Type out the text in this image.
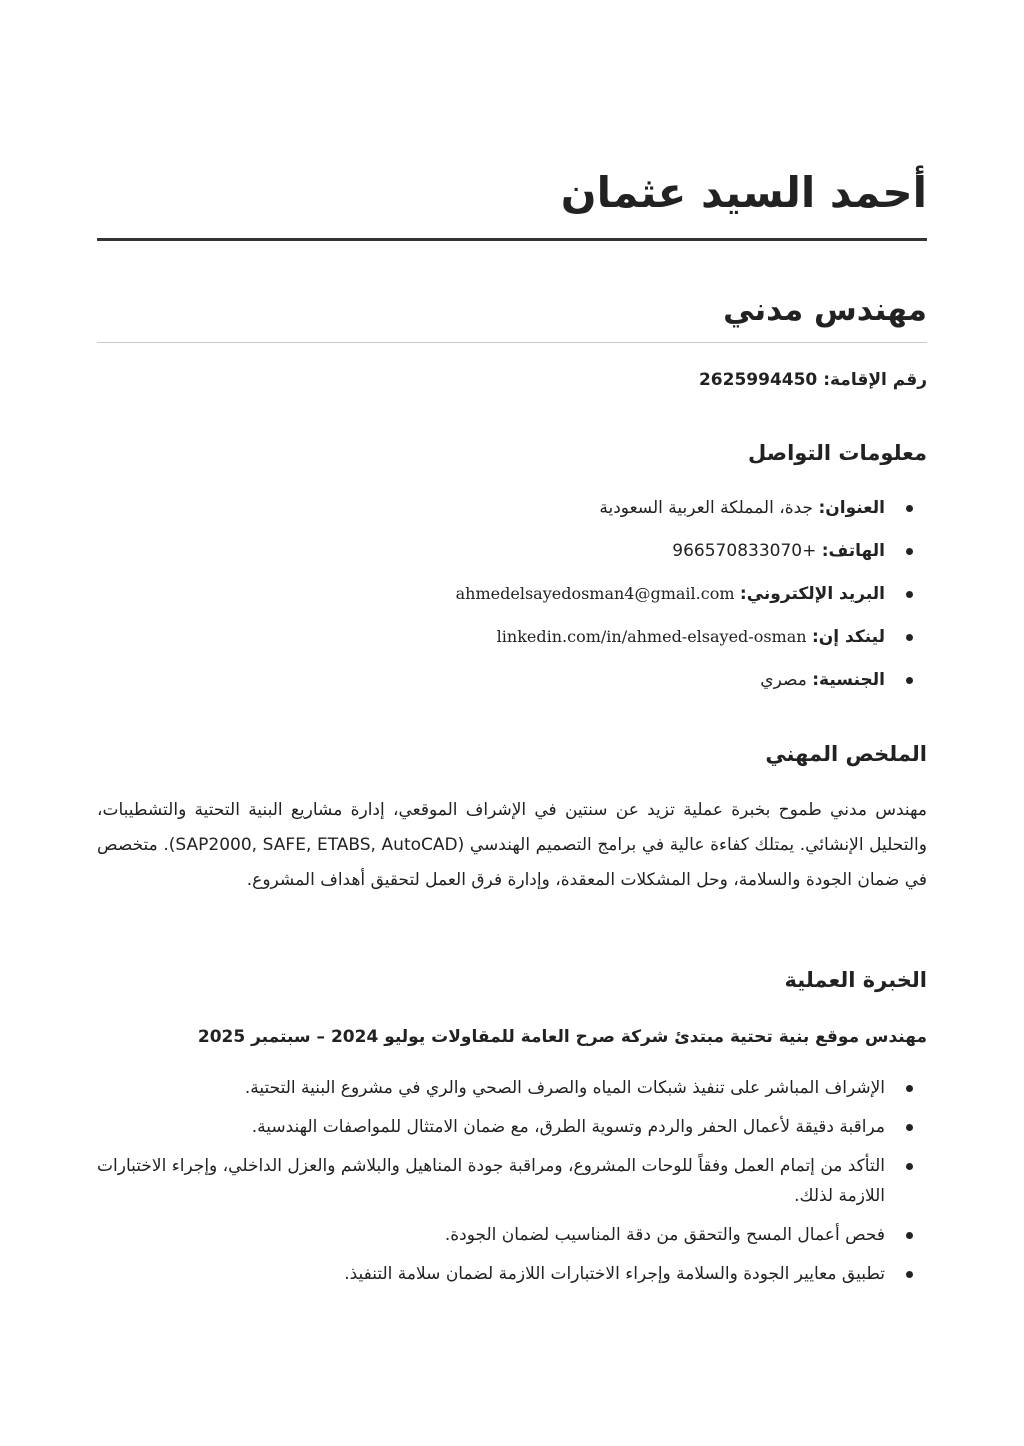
أحمد السيد عثمان
مهندس مدني
رقم الإقامة: 2625994450
معلومات التواصل
العنوان: جدة، المملكة العربية السعودية
الهاتف: 966570833070+
البريد الإلكتروني: ahmedelsayedosman4@gmail.com
لينكد إن: linkedin.com/in/ahmed-elsayed-osman
الجنسية: مصري
الملخص المهني

مهندس مدني طموح بخبرة عملية تزيد عن سنتين في الإشراف الموقعي، إدارة مشاريع البنية التحتية والتشطيبات، والتحليل الإنشائي. يمتلك كفاءة عالية في برامج التصميم الهندسي (SAP2000, SAFE, ETABS, AutoCAD). متخصص في ضمان الجودة والسلامة، وحل المشكلات المعقدة، وإدارة فرق العمل لتحقيق أهداف المشروع.

الخبرة العملية
مهندس موقع بنية تحتية مبتدئ شركة صرح العامة للمقاولات يوليو 2024 – سبتمبر 2025
الإشراف المباشر على تنفيذ شبكات المياه والصرف الصحي والري في مشروع البنية التحتية.
مراقبة دقيقة لأعمال الحفر والردم وتسوية الطرق، مع ضمان الامتثال للمواصفات الهندسية.
التأكد من إتمام العمل وفقاً للوحات المشروع، ومراقبة جودة المناهيل والبلاشم والعزل الداخلي، وإجراء الاختبارات اللازمة لذلك.
فحص أعمال المسح والتحقق من دقة المناسيب لضمان الجودة.
تطبيق معايير الجودة والسلامة وإجراء الاختبارات اللازمة لضمان سلامة التنفيذ.
